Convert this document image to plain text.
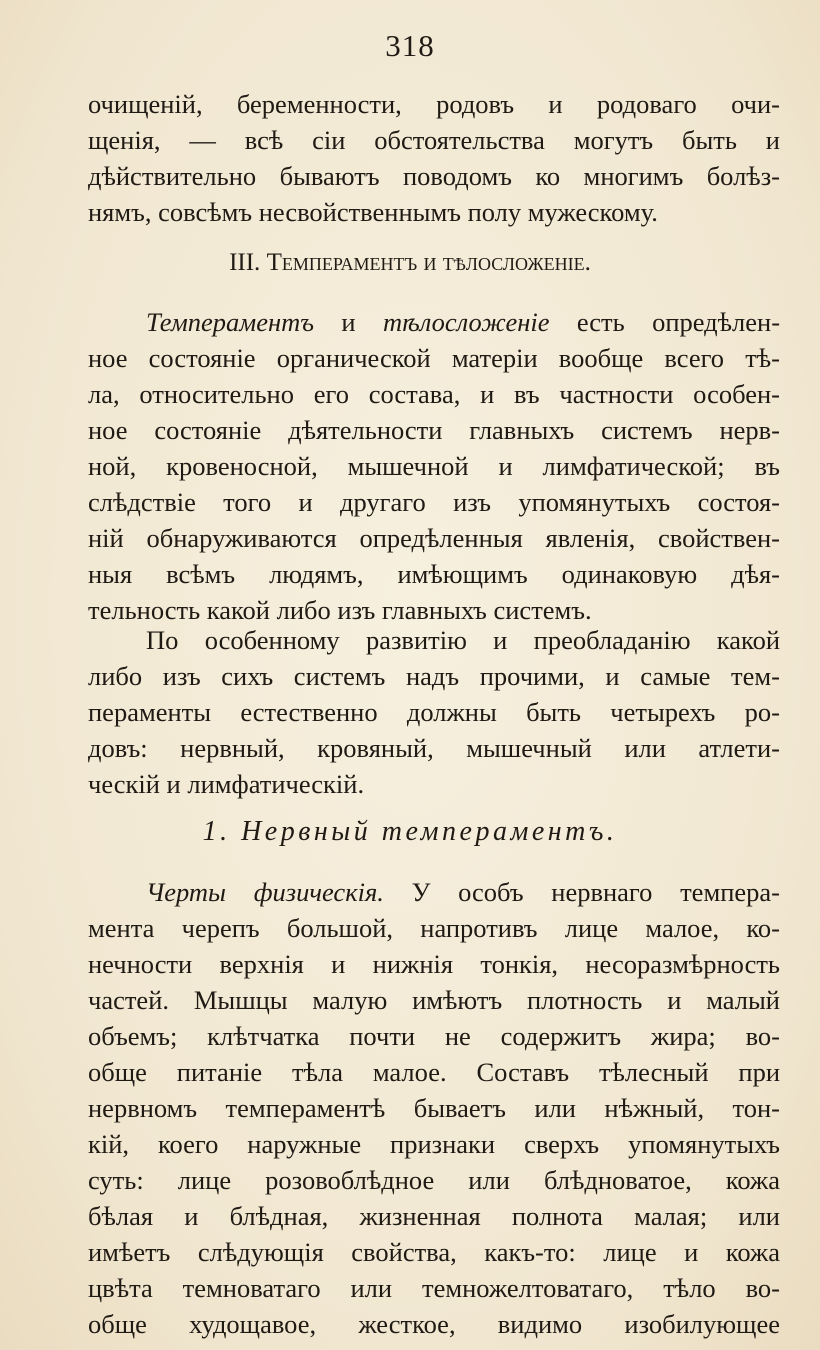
318
очищеній, беременности, родовъ и родоваго очи-
щенія, — всѣ сіи обстоятельства могутъ быть и
дѣйствительно бываютъ поводомъ ко многимъ болѣз-
нямъ, совсѣмъ несвойственнымъ полу мужескому.
III. Темпераментъ и тѣлосложеніе.
Темпераментъ и тѣлосложеніе есть опредѣлен-
ное состояніе органической матеріи вообще всего тѣ-
ла, относительно его состава, и въ частности особен-
ное состояніе дѣятельности главныхъ системъ нерв-
ной, кровеносной, мышечной и лимфатической; въ
слѣдствіе того и другаго изъ упомянутыхъ состоя-
ній обнаруживаются опредѣленныя явленія, свойствен-
ныя всѣмъ людямъ, имѣющимъ одинаковую дѣя-
тельность какой либо изъ главныхъ системъ.
По особенному развитію и преобладанію какой
либо изъ сихъ системъ надъ прочими, и самые тем-
пераменты естественно должны быть четырехъ ро-
довъ: нервный, кровяный, мышечный или атлети-
ческій и лимфатическій.
1. Нервный темпераментъ.
Черты физическія. У особъ нервнаго темпера-
мента черепъ большой, напротивъ лице малое, ко-
нечности верхнія и нижнія тонкія, несоразмѣрность
частей. Мышцы малую имѣютъ плотность и малый
объемъ; клѣтчатка почти не содержитъ жира; во-
обще питаніе тѣла малое. Составъ тѣлесный при
нервномъ темпераментѣ бываетъ или нѣжный, тон-
кій, коего наружные признаки сверхъ упомянутыхъ
суть: лице розовоблѣдное или блѣдноватое, кожа
бѣлая и блѣдная, жизненная полнота малая; или
имѣетъ слѣдующія свойства, какъ-то: лице и кожа
цвѣта темноватаго или темножелтоватаго, тѣло во-
обще худощавое, жесткое, видимо изобилующее
